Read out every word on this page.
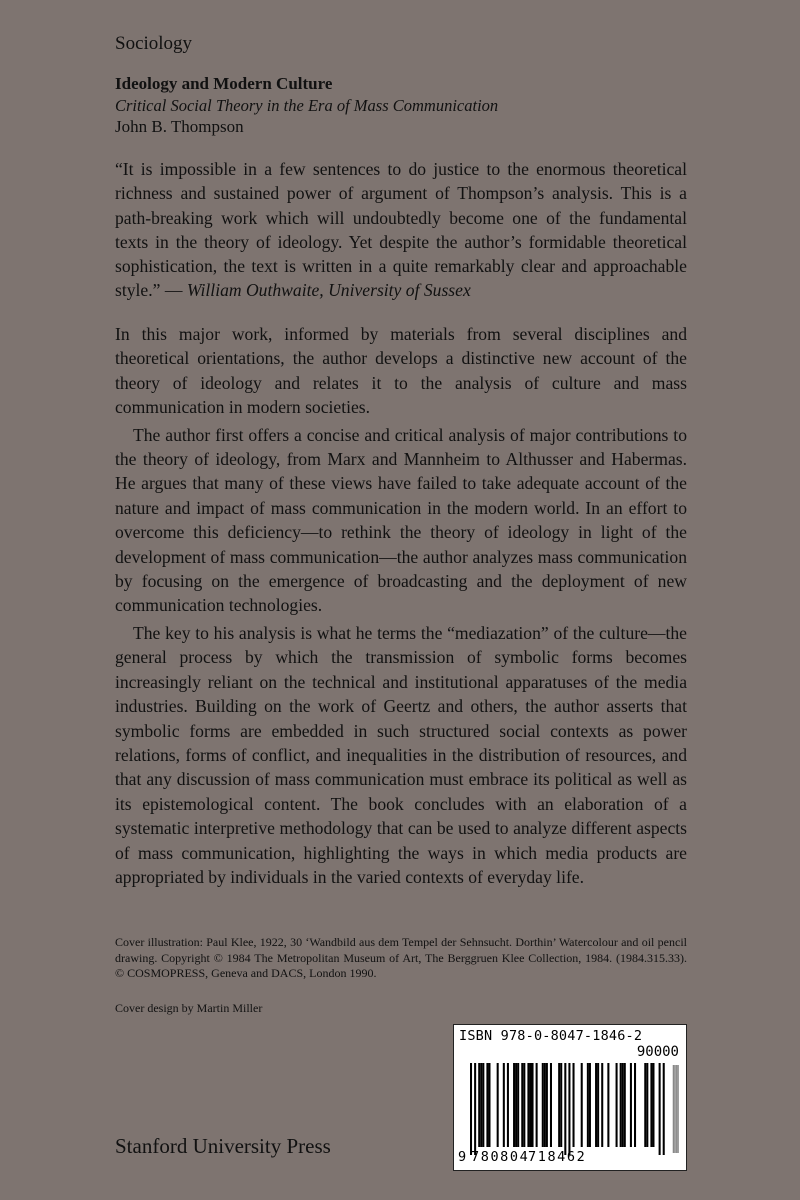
Sociology
Ideology and Modern Culture
Critical Social Theory in the Era of Mass Communication
John B. Thompson

“It is impossible in a few sentences to do justice to the enormous theoretical richness and sustained power of argument of Thompson’s analysis. This is a path-breaking work which will undoubtedly become one of the fundamental texts in the theory of ideology. Yet despite the author’s formidable theoretical sophistication, the text is written in a quite remarkably clear and approachable style.” — William Outhwaite, University of Sussex

In this major work, informed by materials from several disciplines and theoretical orientations, the author develops a distinctive new account of the theory of ideology and relates it to the analysis of culture and mass communication in modern societies.

The author first offers a concise and critical analysis of major contributions to the theory of ideology, from Marx and Mannheim to Althusser and Habermas. He argues that many of these views have failed to take adequate account of the nature and impact of mass communication in the modern world. In an effort to overcome this deficiency—to rethink the theory of ideology in light of the development of mass communication—the author analyzes mass communication by focusing on the emergence of broadcasting and the deployment of new communication technologies.

The key to his analysis is what he terms the “mediazation” of the culture—the general process by which the transmission of symbolic forms becomes increasingly reliant on the technical and institutional apparatuses of the media industries. Building on the work of Geertz and others, the author asserts that symbolic forms are embedded in such structured social contexts as power relations, forms of conflict, and inequalities in the distribution of resources, and that any discussion of mass communication must embrace its political as well as its epistemological content. The book concludes with an elaboration of a systematic interpretive methodology that can be used to analyze different aspects of mass communication, highlighting the ways in which media products are appropriated by individuals in the varied contexts of everyday life.

Cover illustration: Paul Klee, 1922, 30 ‘Wandbild aus dem Tempel der Sehnsucht. Dorthin’ Watercolour and oil pencil drawing. Copyright © 1984 The Metropolitan Museum of Art, The Berggruen Klee Collection, 1984. (1984.315.33). © COSMOPRESS, Geneva and DACS, London 1990.

Cover design by Martin Miller
Stanford University Press
ISBN 978-0-8047-1846-2
90000
9 780804
718462
